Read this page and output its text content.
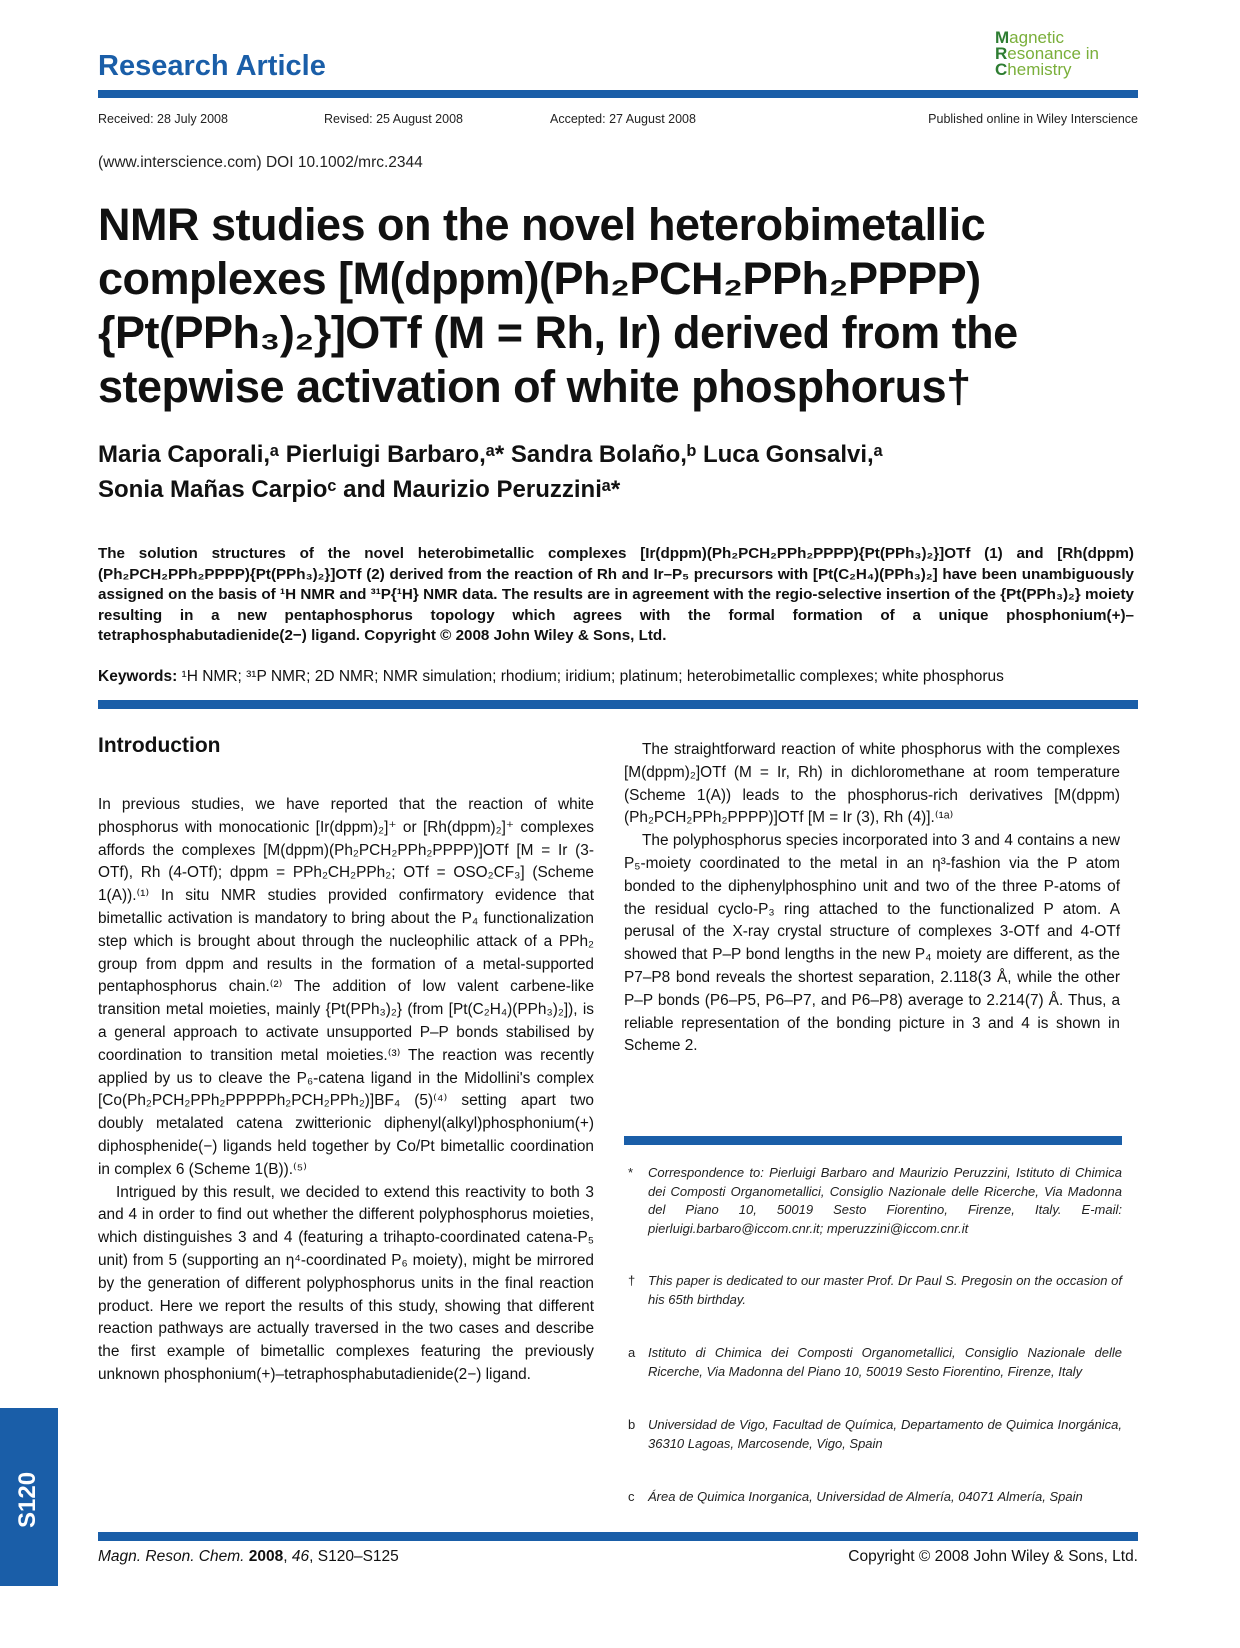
Research Article
Magnetic
Resonance in
Chemistry
Received: 28 July 2008	Revised: 25 August 2008	Accepted: 27 August 2008	Published online in Wiley Interscience
(www.interscience.com) DOI 10.1002/mrc.2344
NMR studies on the novel heterobimetallic
complexes [M(dppm)(Ph₂PCH₂PPh₂PPPP)
{Pt(PPh₃)₂}]OTf (M = Rh, Ir) derived from the
stepwise activation of white phosphorus†
Maria Caporali,ᵃ Pierluigi Barbaro,ᵃ* Sandra Bolaño,ᵇ Luca Gonsalvi,ᵃ
Sonia Mañas Carpioᶜ and Maurizio Peruzziniᵃ*
The solution structures of the novel heterobimetallic complexes [Ir(dppm)(Ph₂PCH₂PPh₂PPPP){Pt(PPh₃)₂}]OTf (1) and [Rh(dppm)(Ph₂PCH₂PPh₂PPPP){Pt(PPh₃)₂}]OTf (2) derived from the reaction of Rh and Ir–P₅ precursors with [Pt(C₂H₄)(PPh₃)₂] have been unambiguously assigned on the basis of ¹H NMR and ³¹P{¹H} NMR data. The results are in agreement with the regio-selective insertion of the {Pt(PPh₃)₂} moiety resulting in a new pentaphosphorus topology which agrees with the formal formation of a unique phosphonium(+)–tetraphosphabutadienide(2−) ligand. Copyright © 2008 John Wiley & Sons, Ltd.
Keywords: ¹H NMR; ³¹P NMR; 2D NMR; NMR simulation; rhodium; iridium; platinum; heterobimetallic complexes; white phosphorus
Introduction

In previous studies, we have reported that the reaction of white phosphorus with monocationic [Ir(dppm)₂]⁺ or [Rh(dppm)₂]⁺ complexes affords the complexes [M(dppm)(Ph₂PCH₂PPh₂PPPP)]OTf [M = Ir (3-OTf), Rh (4-OTf); dppm = PPh₂CH₂PPh₂; OTf = OSO₂CF₃] (Scheme 1(A)).⁽¹⁾ In situ NMR studies provided confirmatory evidence that bimetallic activation is mandatory to bring about the P₄ functionalization step which is brought about through the nucleophilic attack of a PPh₂ group from dppm and results in the formation of a metal-supported pentaphosphorus chain.⁽²⁾ The addition of low valent carbene-like transition metal moieties, mainly {Pt(PPh₃)₂} (from [Pt(C₂H₄)(PPh₃)₂]), is a general approach to activate unsupported P–P bonds stabilised by coordination to transition metal moieties.⁽³⁾ The reaction was recently applied by us to cleave the P₆-catena ligand in the Midollini's complex [Co(Ph₂PCH₂PPh₂PPPPPh₂PCH₂PPh₂)]BF₄ (5)⁽⁴⁾ setting apart two doubly metalated catena zwitterionic diphenyl(alkyl)phosphonium(+) diphosphenide(−) ligands held together by Co/Pt bimetallic coordination in complex 6 (Scheme 1(B)).⁽⁵⁾

Intrigued by this result, we decided to extend this reactivity to both 3 and 4 in order to find out whether the different polyphosphorus moieties, which distinguishes 3 and 4 (featuring a trihapto-coordinated catena-P₅ unit) from 5 (supporting an η⁴-coordinated P₆ moiety), might be mirrored by the generation of different polyphosphorus units in the final reaction product. Here we report the results of this study, showing that different reaction pathways are actually traversed in the two cases and describe the first example of bimetallic complexes featuring the previously unknown phosphonium(+)–tetraphosphabutadienide(2−) ligand.

The straightforward reaction of white phosphorus with the complexes [M(dppm)₂]OTf (M = Ir, Rh) in dichloromethane at room temperature (Scheme 1(A)) leads to the phosphorus-rich derivatives [M(dppm)(Ph₂PCH₂PPh₂PPPP)]OTf [M = Ir (3), Rh (4)].⁽¹ᵃ⁾

The polyphosphorus species incorporated into 3 and 4 contains a new P₅-moiety coordinated to the metal in an η³-fashion via the P atom bonded to the diphenylphosphino unit and two of the three P-atoms of the residual cyclo-P₃ ring attached to the functionalized P atom. A perusal of the X-ray crystal structure of complexes 3-OTf and 4-OTf showed that P–P bond lengths in the new P₄ moiety are different, as the P7–P8 bond reveals the shortest separation, 2.118(3 Å, while the other P–P bonds (P6–P5, P6–P7, and P6–P8) average to 2.214(7) Å. Thus, a reliable representation of the bonding picture in 3 and 4 is shown in Scheme 2.

* Correspondence to: Pierluigi Barbaro and Maurizio Peruzzini, Istituto di Chimica dei Composti Organometallici, Consiglio Nazionale delle Ricerche, Via Madonna del Piano 10, 50019 Sesto Fiorentino, Firenze, Italy. E-mail: pierluigi.barbaro@iccom.cnr.it; mperuzzini@iccom.cnr.it
† This paper is dedicated to our master Prof. Dr Paul S. Pregosin on the occasion of his 65th birthday.
a Istituto di Chimica dei Composti Organometallici, Consiglio Nazionale delle Ricerche, Via Madonna del Piano 10, 50019 Sesto Fiorentino, Firenze, Italy
b Universidad de Vigo, Facultad de Química, Departamento de Quimica Inorgánica, 36310 Lagoas, Marcosende, Vigo, Spain
c Área de Quimica Inorganica, Universidad de Almería, 04071 Almería, Spain
S120
Magn. Reson. Chem. 2008, 46, S120–S125	Copyright © 2008 John Wiley & Sons, Ltd.
